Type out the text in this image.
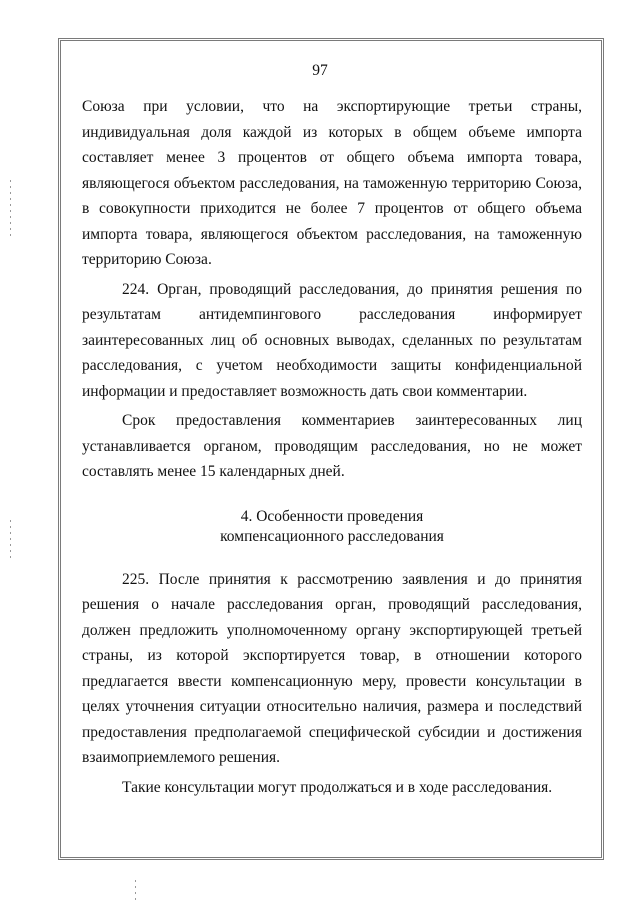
97

Союза при условии, что на экспортирующие третьи страны, индивидуальная доля каждой из которых в общем объеме импорта составляет менее 3 процентов от общего объема импорта товара, являющегося объектом расследования, на таможенную территорию Союза, в совокупности приходится не более 7 процентов от общего объема импорта товара, являющегося объектом расследования, на таможенную территорию Союза.

224. Орган, проводящий расследования, до принятия решения по результатам антидемпингового расследования информирует заинтересованных лиц об основных выводах, сделанных по результатам расследования, с учетом необходимости защиты конфиденциальной информации и предоставляет возможность дать свои комментарии.

Срок предоставления комментариев заинтересованных лиц устанавливается органом, проводящим расследования, но не может составлять менее 15 календарных дней.

4. Особенности проведения
компенсационного расследования

225. После принятия к рассмотрению заявления и до принятия решения о начале расследования орган, проводящий расследования, должен предложить уполномоченному органу экспортирующей третьей страны, из которой экспортируется товар, в отношении которого предлагается ввести компенсационную меру, провести консультации в целях уточнения ситуации относительно наличия, размера и последствий предоставления предполагаемой специфической субсидии и достижения взаимоприемлемого решения.

Такие консультации могут продолжаться и в ходе расследования.
